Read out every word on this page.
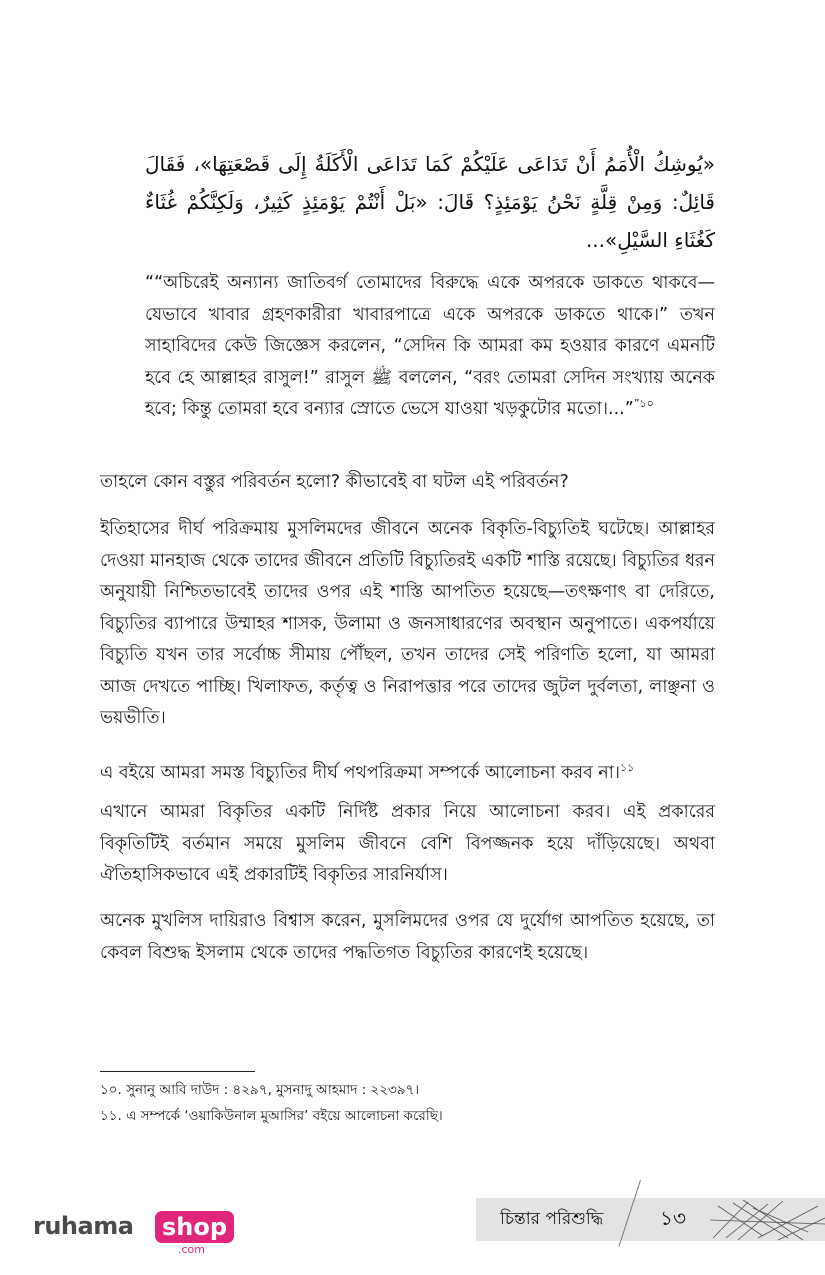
«يُوشِكُ الْأُمَمُ أَنْ تَدَاعَى عَلَيْكُمْ كَمَا تَدَاعَى الْأَكَلَةُ إِلَى قَصْعَتِهَا»، فَقَالَ قَائِلٌ: وَمِنْ قِلَّةٍ نَحْنُ يَوْمَئِذٍ؟ قَالَ: «بَلْ أَنْتُمْ يَوْمَئِذٍ كَثِيرٌ، وَلَكِنَّكُمْ غُثَاءٌ كَغُثَاءِ السَّيْلِ»...
““অচিরেই অন্যান্য জাতিবর্গ তোমাদের বিরুদ্ধে একে অপরকে ডাকতে থাকবে—যেভাবে খাবার গ্রহণকারীরা খাবারপাত্রে একে অপরকে ডাকতে থাকে।” তখন সাহাবিদের কেউ জিজ্ঞেস করলেন, “সেদিন কি আমরা কম হওয়ার কারণে এমনটি হবে হে আল্লাহর রাসুল!” রাসুল ﷺ বললেন, “বরং তোমরা সেদিন সংখ্যায় অনেক হবে; কিন্তু তোমরা হবে বন্যার স্রোতে ভেসে যাওয়া খড়কুটোর মতো।...”$^{”১০}$
তাহলে কোন বস্তুর পরিবর্তন হলো? কীভাবেই বা ঘটল এই পরিবর্তন?
ইতিহাসের দীর্ঘ পরিক্রমায় মুসলিমদের জীবনে অনেক বিকৃতি-বিচ্যুতিই ঘটেছে। আল্লাহর দেওয়া মানহাজ থেকে তাদের জীবনে প্রতিটি বিচ্যুতিরই একটি শাস্তি রয়েছে। বিচ্যুতির ধরন অনুযায়ী নিশ্চিতভাবেই তাদের ওপর এই শাস্তি আপতিত হয়েছে—তৎক্ষণাৎ বা দেরিতে, বিচ্যুতির ব্যাপারে উম্মাহর শাসক, উলামা ও জনসাধারণের অবস্থান অনুপাতে। একপর্যায়ে বিচ্যুতি যখন তার সর্বোচ্চ সীমায় পৌঁছল, তখন তাদের সেই পরিণতি হলো, যা আমরা আজ দেখতে পাচ্ছি। খিলাফত, কর্তৃত্ব ও নিরাপত্তার পরে তাদের জুটল দুর্বলতা, লাঞ্ছনা ও ভয়ভীতি।
এ বইয়ে আমরা সমস্ত বিচ্যুতির দীর্ঘ পথপরিক্রমা সম্পর্কে আলোচনা করব না।$^{১১}$
এখানে আমরা বিকৃতির একটি নির্দিষ্ট প্রকার নিয়ে আলোচনা করব। এই প্রকারের বিকৃতিটিই বর্তমান সময়ে মুসলিম জীবনে বেশি বিপজ্জনক হয়ে দাঁড়িয়েছে। অথবা ঐতিহাসিকভাবে এই প্রকারটিই বিকৃতির সারনির্যাস।
অনেক মুখলিস দায়িরাও বিশ্বাস করেন, মুসলিমদের ওপর যে দুর্যোগ আপতিত হয়েছে, তা কেবল বিশুদ্ধ ইসলাম থেকে তাদের পদ্ধতিগত বিচ্যুতির কারণেই হয়েছে।
১০. সুনানু আবি দাউদ : ৪২৯৭, মুসনাদু আহমাদ : ২২৩৯৭।
১১. এ সম্পর্কে ‘ওয়াকিউনাল মুআসির’ বইয়ে আলোচনা করেছি।
চিন্তার পরিশুদ্ধি	১৩
ruhama shop
.com
